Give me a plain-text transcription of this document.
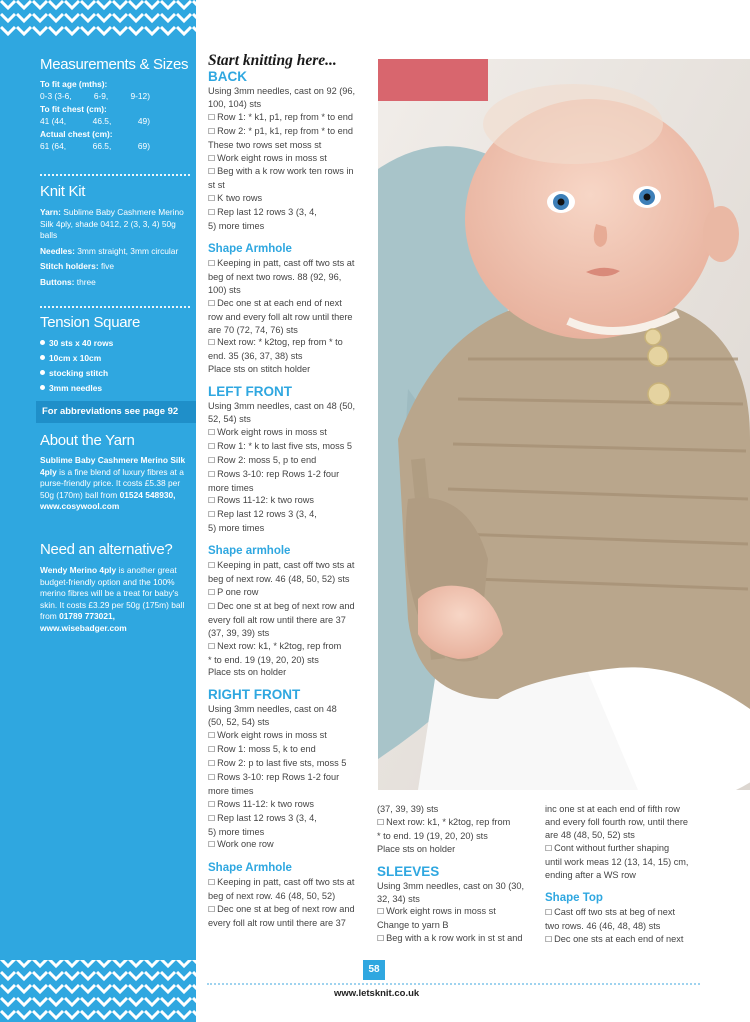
Measurements & Sizes
To fit age (mths):
0-3 (3-6,	6-9,	9-12)
To fit chest (cm):
41 (44,	46.5,	49)
Actual chest (cm):
61 (64,	66.5,	69)
Knit Kit
Yarn: Sublime Baby Cashmere Merino Silk 4ply, shade 0412, 2 (3, 3, 4) 50g balls
Needles: 3mm straight, 3mm circular
Stitch holders: five
Buttons: three
Tension Square
30 sts x 40 rows
10cm x 10cm
stocking stitch
3mm needles
For abbreviations see page 92
About the Yarn
Sublime Baby Cashmere Merino Silk 4ply is a fine blend of luxury fibres at a purse-friendly price. It costs £5.38 per 50g (170m) ball from 01524 548930,
www.cosywool.com
Need an alternative?
Wendy Merino 4ply is another great budget-friendly option and the 100% merino fibres will be a treat for baby's skin. It costs £3.29 per 50g (175m) ball from 01789 773021, www.wisebadger.com
Start knitting here...
BACK

Using 3mm needles, cast on 92 (96,

100, 104) sts

☐ Row 1: * k1, p1, rep from * to end

☐ Row 2: * p1, k1, rep from * to end

These two rows set moss st

☐ Work eight rows in moss st

☐ Beg with a k row work ten rows in

st st

☐ K two rows

☐ Rep last 12 rows 3 (3, 4,

5) more times

Shape Armhole

☐ Keeping in patt, cast off two sts at

beg of next two rows. 88 (92, 96,

100) sts

☐ Dec one st at each end of next

row and every foll alt row until there

are 70 (72, 74, 76) sts

☐ Next row: * k2tog, rep from * to

end. 35 (36, 37, 38) sts

Place sts on stitch holder

LEFT FRONT

Using 3mm needles, cast on 48 (50,

52, 54) sts

☐ Work eight rows in moss st

☐ Row 1: * k to last five sts, moss 5

☐ Row 2: moss 5, p to end

☐ Rows 3-10: rep Rows 1-2 four

more times

☐ Rows 11-12: k two rows

☐ Rep last 12 rows 3 (3, 4,

5) more times

Shape armhole

☐ Keeping in patt, cast off two sts at

beg of next row. 46 (48, 50, 52) sts

☐ P one row

☐ Dec one st at beg of next row and

every foll alt row until there are 37

(37, 39, 39) sts

☐ Next row: k1, * k2tog, rep from

* to end. 19 (19, 20, 20) sts

Place sts on holder

RIGHT FRONT

Using 3mm needles, cast on 48

(50, 52, 54) sts

☐ Work eight rows in moss st

☐ Row 1: moss 5, k to end

☐ Row 2: p to last five sts, moss 5

☐ Rows 3-10: rep Rows 1-2 four

more times

☐ Rows 11-12: k two rows

☐ Rep last 12 rows 3 (3, 4,

5) more times

☐ Work one row

Shape Armhole

☐ Keeping in patt, cast off two sts at

beg of next row. 46 (48, 50, 52)

☐ Dec one st at beg of next row and

every foll alt row until there are 37

(37, 39, 39) sts

☐ Next row: k1, * k2tog, rep from

* to end. 19 (19, 20, 20) sts

Place sts on holder

SLEEVES

Using 3mm needles, cast on 30 (30,

32, 34) sts

☐ Work eight rows in moss st

Change to yarn B

☐ Beg with a k row work in st st and

inc one st at each end of fifth row

and every foll fourth row, until there

are 48 (48, 50, 52) sts

☐ Cont without further shaping

until work meas 12 (13, 14, 15) cm,

ending after a WS row

Shape Top

☐ Cast off two sts at beg of next

two rows. 46 (46, 48, 48) sts

☐ Dec one sts at each end of next

58
www.letsknit.co.uk
